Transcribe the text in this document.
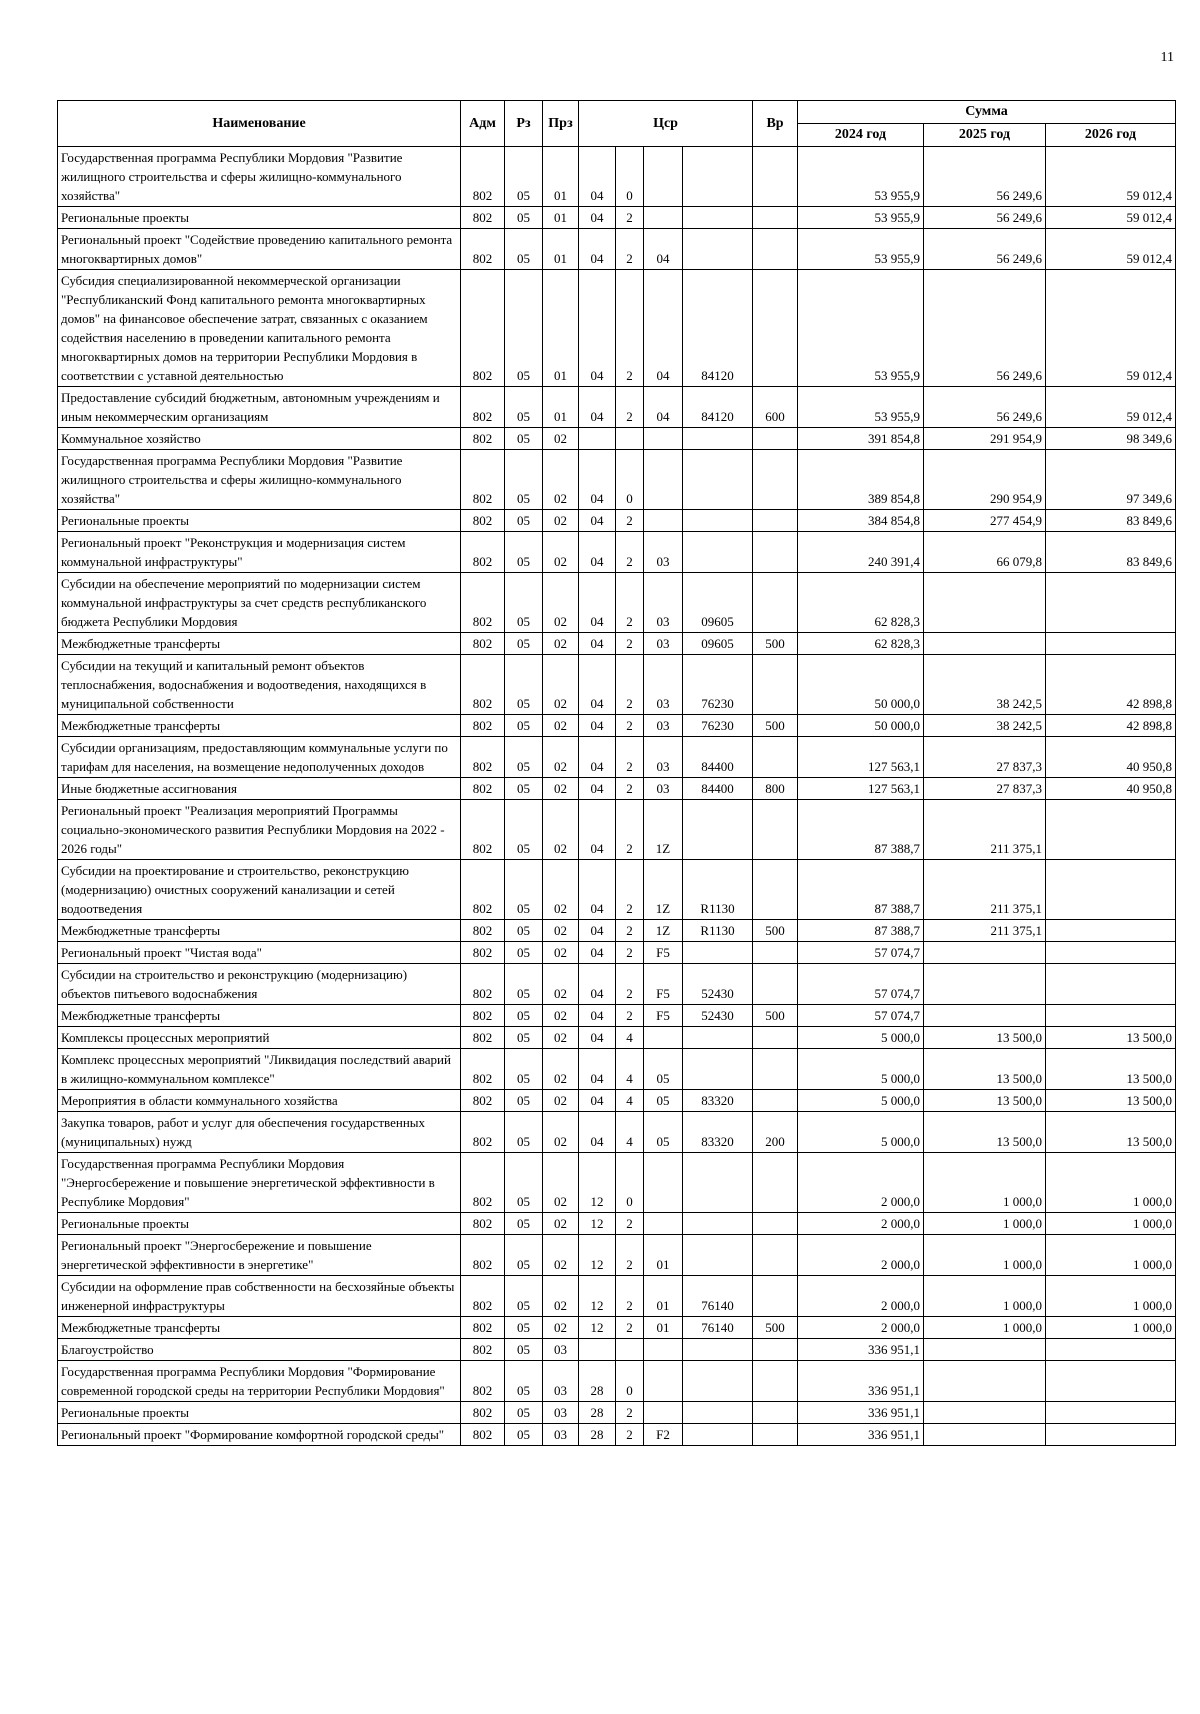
11
Наименование	Адм	Рз	Прз	Цср				Вр	Сумма		
									2024 год	2025 год	2026 год
Государственная программа Республики Мордовия "Развитие жилищного строительства и сферы жилищно-коммунального хозяйства"	802	05	01	04	0				53 955,9	56 249,6	59 012,4
Региональные проекты	802	05	01	04	2				53 955,9	56 249,6	59 012,4
Региональный проект "Содействие проведению капитального ремонта многоквартирных домов"	802	05	01	04	2	04			53 955,9	56 249,6	59 012,4
Субсидия специализированной некоммерческой организации "Республиканский Фонд капитального ремонта многоквартирных домов" на финансовое обеспечение затрат, связанных с оказанием содействия населению в проведении капитального ремонта многоквартирных домов на территории Республики Мордовия в соответствии с уставной деятельностью	802	05	01	04	2	04	84120		53 955,9	56 249,6	59 012,4
Предоставление субсидий бюджетным, автономным учреждениям и иным некоммерческим организациям	802	05	01	04	2	04	84120	600	53 955,9	56 249,6	59 012,4
Коммунальное хозяйство	802	05	02						391 854,8	291 954,9	98 349,6
Государственная программа Республики Мордовия "Развитие жилищного строительства и сферы жилищно-коммунального хозяйства"	802	05	02	04	0				389 854,8	290 954,9	97 349,6
Региональные проекты	802	05	02	04	2				384 854,8	277 454,9	83 849,6
Региональный проект "Реконструкция и модернизация систем коммунальной инфраструктуры"	802	05	02	04	2	03			240 391,4	66 079,8	83 849,6
Субсидии на обеспечение мероприятий по модернизации систем коммунальной инфраструктуры за счет средств республиканского бюджета Республики Мордовия	802	05	02	04	2	03	09605		62 828,3		
Межбюджетные трансферты	802	05	02	04	2	03	09605	500	62 828,3		
Субсидии на текущий и капитальный ремонт объектов теплоснабжения, водоснабжения и водоотведения, находящихся в муниципальной собственности	802	05	02	04	2	03	76230		50 000,0	38 242,5	42 898,8
Межбюджетные трансферты	802	05	02	04	2	03	76230	500	50 000,0	38 242,5	42 898,8
Субсидии организациям, предоставляющим коммунальные услуги по тарифам для населения, на возмещение недополученных доходов	802	05	02	04	2	03	84400		127 563,1	27 837,3	40 950,8
Иные бюджетные ассигнования	802	05	02	04	2	03	84400	800	127 563,1	27 837,3	40 950,8
Региональный проект "Реализация мероприятий Программы социально-экономического развития Республики Мордовия на 2022 - 2026 годы"	802	05	02	04	2	1Z			87 388,7	211 375,1	
Субсидии на проектирование и строительство, реконструкцию (модернизацию) очистных сооружений канализации и сетей водоотведения	802	05	02	04	2	1Z	R1130		87 388,7	211 375,1	
Межбюджетные трансферты	802	05	02	04	2	1Z	R1130	500	87 388,7	211 375,1	
Региональный проект "Чистая вода"	802	05	02	04	2	F5			57 074,7		
Субсидии на строительство и реконструкцию (модернизацию) объектов питьевого водоснабжения	802	05	02	04	2	F5	52430		57 074,7		
Межбюджетные трансферты	802	05	02	04	2	F5	52430	500	57 074,7		
Комплексы процессных мероприятий	802	05	02	04	4				5 000,0	13 500,0	13 500,0
Комплекс процессных мероприятий "Ликвидация последствий аварий в жилищно-коммунальном комплексе"	802	05	02	04	4	05			5 000,0	13 500,0	13 500,0
Мероприятия в области коммунального хозяйства	802	05	02	04	4	05	83320		5 000,0	13 500,0	13 500,0
Закупка товаров, работ и услуг для обеспечения государственных (муниципальных) нужд	802	05	02	04	4	05	83320	200	5 000,0	13 500,0	13 500,0
Государственная программа Республики Мордовия "Энергосбережение и повышение энергетической эффективности в Республике Мордовия"	802	05	02	12	0				2 000,0	1 000,0	1 000,0
Региональные проекты	802	05	02	12	2				2 000,0	1 000,0	1 000,0
Региональный проект "Энергосбережение и повышение энергетической эффективности в энергетике"	802	05	02	12	2	01			2 000,0	1 000,0	1 000,0
Субсидии на оформление прав собственности на бесхозяйные объекты инженерной инфраструктуры	802	05	02	12	2	01	76140		2 000,0	1 000,0	1 000,0
Межбюджетные трансферты	802	05	02	12	2	01	76140	500	2 000,0	1 000,0	1 000,0
Благоустройство	802	05	03						336 951,1		
Государственная программа Республики Мордовия "Формирование современной городской среды на территории Республики Мордовия"	802	05	03	28	0				336 951,1		
Региональные проекты	802	05	03	28	2				336 951,1		
Региональный проект "Формирование комфортной городской среды"	802	05	03	28	2	F2			336 951,1		
